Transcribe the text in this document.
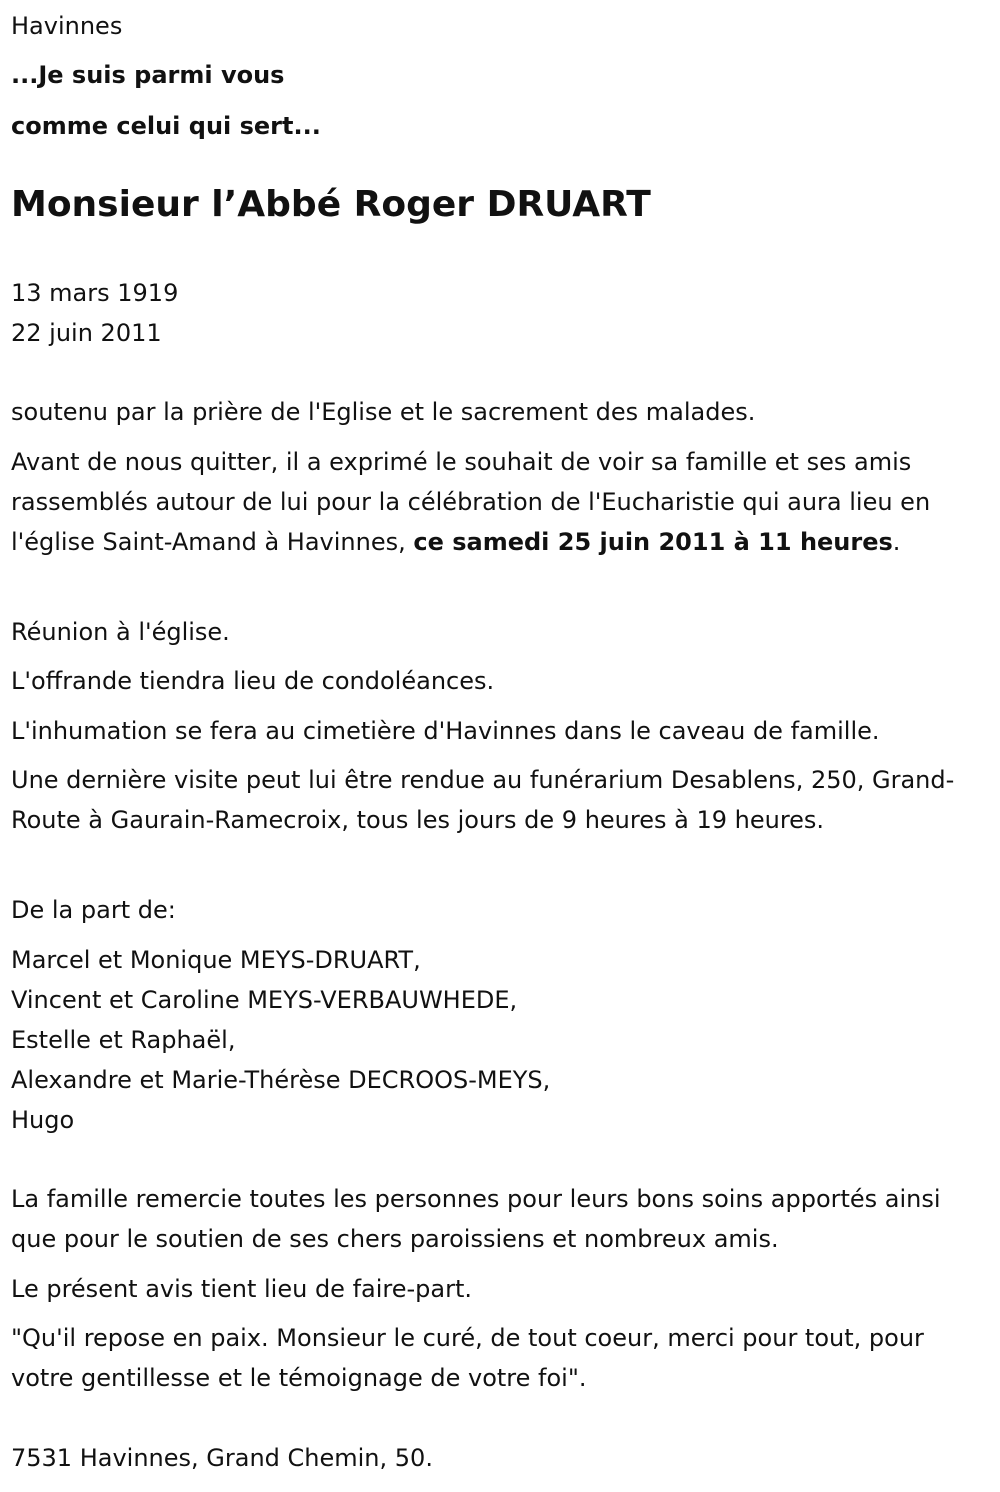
Havinnes

...Je suis parmi vous

comme celui qui sert...

Monsieur l’Abbé Roger DRUART

13 mars 1919

22 juin 2011

soutenu par la prière de l'Eglise et le sacrement des malades.

Avant de nous quitter, il a exprimé le souhait de voir sa famille et ses amis rassemblés autour de lui pour la célébration de l'Eucharistie qui aura lieu en l'église Saint-Amand à Havinnes, ce samedi 25 juin 2011 à 11 heures.

Réunion à l'église.

L'offrande tiendra lieu de condoléances.

L'inhumation se fera au cimetière d'Havinnes dans le caveau de famille.

Une dernière visite peut lui être rendue au funérarium Desablens, 250, Grand-Route à Gaurain-Ramecroix, tous les jours de 9 heures à 19 heures.

De la part de:

Marcel et Monique MEYS-DRUART,

Vincent et Caroline MEYS-VERBAUWHEDE,

Estelle et Raphaël,

Alexandre et Marie-Thérèse DECROOS-MEYS,

Hugo

La famille remercie toutes les personnes pour leurs bons soins apportés ainsi que pour le soutien de ses chers paroissiens et nombreux amis.

Le présent avis tient lieu de faire-part.

"Qu'il repose en paix. Monsieur le curé, de tout coeur, merci pour tout, pour votre gentillesse et le témoignage de votre foi".

7531 Havinnes, Grand Chemin, 50.
